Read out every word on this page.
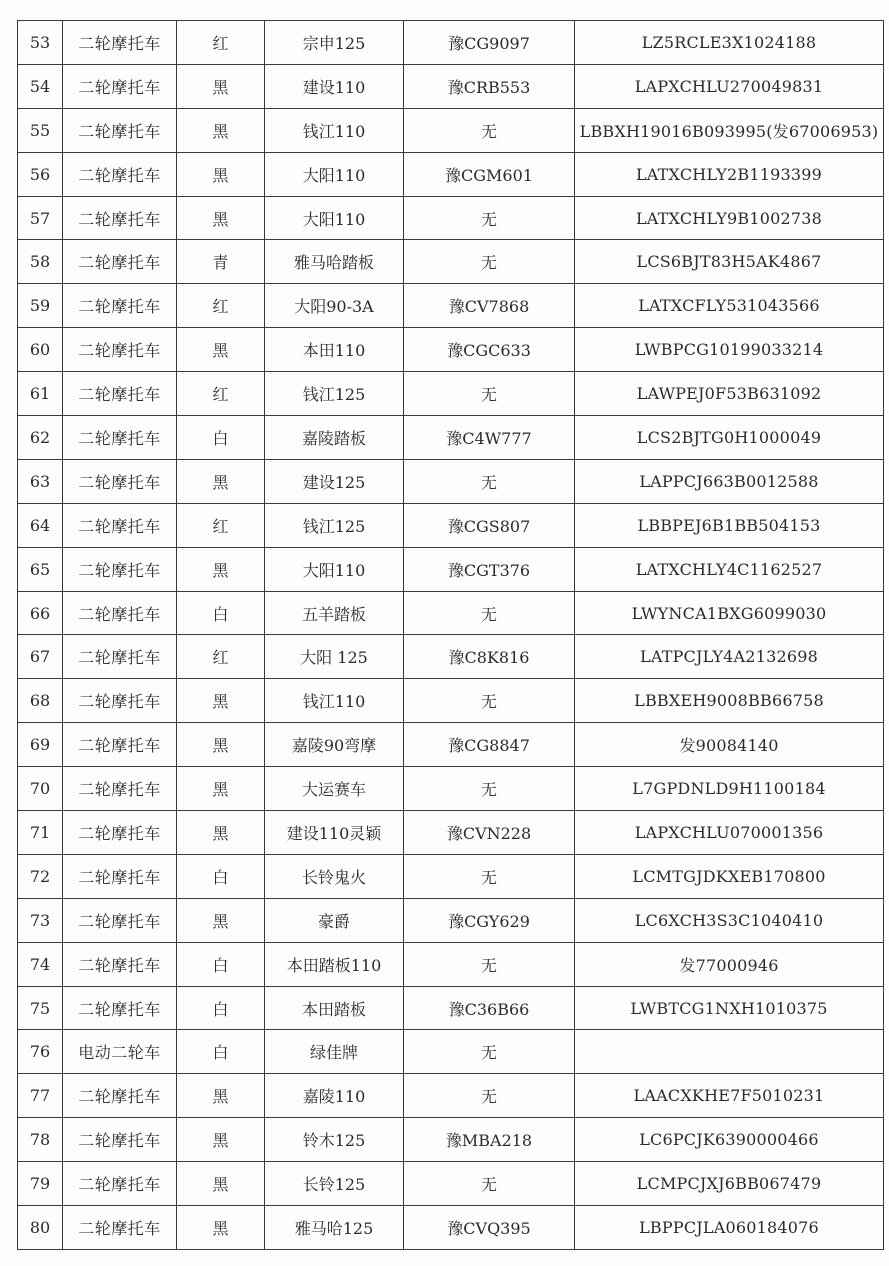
53	二轮摩托车	红	宗申125	豫CG9097	LZ5RCLE3X1024188
54	二轮摩托车	黑	建设110	豫CRB553	LAPXCHLU270049831
55	二轮摩托车	黑	钱江110	无	LBBXH19016B093995(发67006953)
56	二轮摩托车	黑	大阳110	豫CGM601	LATXCHLY2B1193399
57	二轮摩托车	黑	大阳110	无	LATXCHLY9B1002738
58	二轮摩托车	青	雅马哈踏板	无	LCS6BJT83H5AK4867
59	二轮摩托车	红	大阳90-3A	豫CV7868	LATXCFLY531043566
60	二轮摩托车	黑	本田110	豫CGC633	LWBPCG10199033214
61	二轮摩托车	红	钱江125	无	LAWPEJ0F53B631092
62	二轮摩托车	白	嘉陵踏板	豫C4W777	LCS2BJTG0H1000049
63	二轮摩托车	黑	建设125	无	LAPPCJ663B0012588
64	二轮摩托车	红	钱江125	豫CGS807	LBBPEJ6B1BB504153
65	二轮摩托车	黑	大阳110	豫CGT376	LATXCHLY4C1162527
66	二轮摩托车	白	五羊踏板	无	LWYNCA1BXG6099030
67	二轮摩托车	红	大阳 125	豫C8K816	LATPCJLY4A2132698
68	二轮摩托车	黑	钱江110	无	LBBXEH9008BB66758
69	二轮摩托车	黑	嘉陵90弯摩	豫CG8847	发90084140
70	二轮摩托车	黑	大运赛车	无	L7GPDNLD9H1100184
71	二轮摩托车	黑	建设110灵颖	豫CVN228	LAPXCHLU070001356
72	二轮摩托车	白	长铃鬼火	无	LCMTGJDKXEB170800
73	二轮摩托车	黑	豪爵	豫CGY629	LC6XCH3S3C1040410
74	二轮摩托车	白	本田踏板110	无	发77000946
75	二轮摩托车	白	本田踏板	豫C36B66	LWBTCG1NXH1010375
76	电动二轮车	白	绿佳牌	无	
77	二轮摩托车	黑	嘉陵110	无	LAACXKHE7F5010231
78	二轮摩托车	黑	铃木125	豫MBA218	LC6PCJK6390000466
79	二轮摩托车	黑	长铃125	无	LCMPCJXJ6BB067479
80	二轮摩托车	黑	雅马哈125	豫CVQ395	LBPPCJLA060184076
